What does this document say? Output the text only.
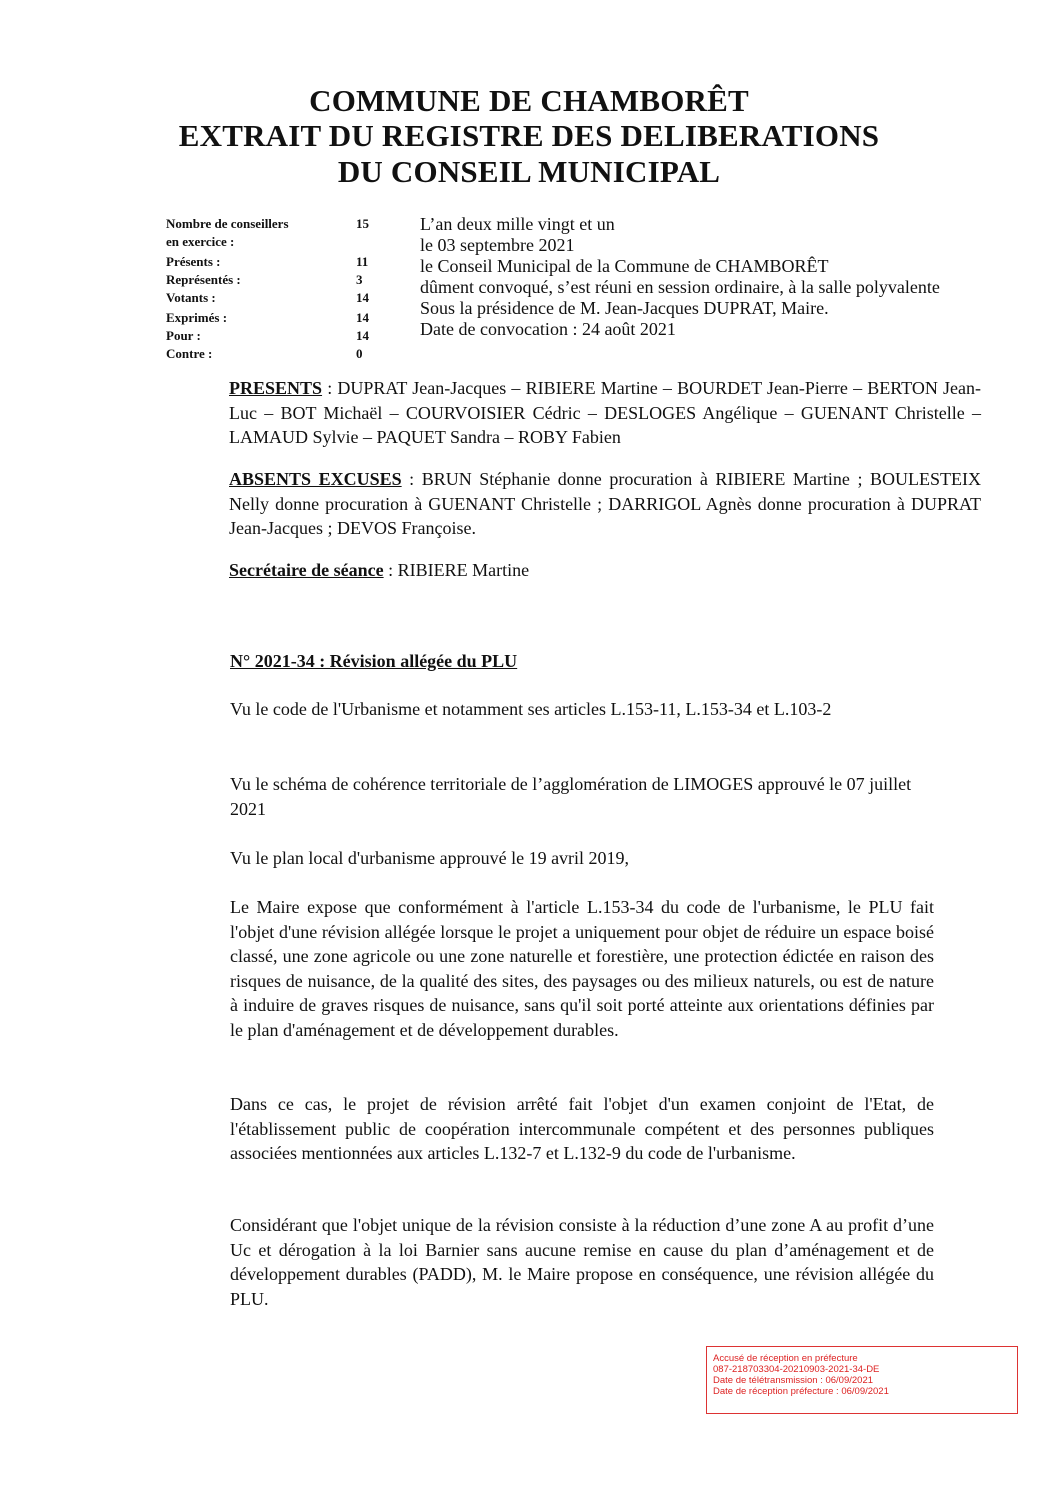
COMMUNE DE CHAMBORÊT
EXTRAIT DU REGISTRE DES DELIBERATIONS
DU CONSEIL MUNICIPAL
Nombre de conseillers	15
en exercice :
Présents :	11
Représentés :	3
Votants :	14
Exprimés :	14
Pour :	14
Contre :	0
L’an deux mille vingt et un
le 03 septembre 2021
le Conseil Municipal de la Commune de CHAMBORÊT
dûment convoqué, s’est réuni en session ordinaire, à la salle polyvalente
Sous la présidence de M. Jean-Jacques DUPRAT, Maire.
Date de convocation : 24 août 2021
PRESENTS : DUPRAT Jean-Jacques – RIBIERE Martine – BOURDET Jean-Pierre – BERTON Jean-Luc – BOT Michaël – COURVOISIER Cédric – DESLOGES Angélique – GUENANT Christelle – LAMAUD Sylvie – PAQUET Sandra – ROBY Fabien
ABSENTS EXCUSES : BRUN Stéphanie donne procuration à RIBIERE Martine ; BOULESTEIX Nelly donne procuration à GUENANT Christelle ; DARRIGOL Agnès donne procuration à DUPRAT Jean-Jacques ; DEVOS Françoise.
Secrétaire de séance : RIBIERE Martine
N° 2021-34 : Révision allégée du PLU
Vu le code de l'Urbanisme et notamment ses articles L.153-11, L.153-34 et L.103-2
Vu le schéma de cohérence territoriale de l’agglomération de LIMOGES approuvé le 07 juillet 2021
Vu le plan local d'urbanisme approuvé le 19 avril 2019,
Le Maire expose que conformément à l'article L.153-34 du code de l'urbanisme, le PLU fait l'objet d'une révision allégée lorsque le projet a uniquement pour objet de réduire un espace boisé classé, une zone agricole ou une zone naturelle et forestière, une protection édictée en raison des risques de nuisance, de la qualité des sites, des paysages ou des milieux naturels, ou est de nature à induire de graves risques de nuisance, sans qu'il soit porté atteinte aux orientations définies par le plan d'aménagement et de développement durables.
Dans ce cas, le projet de révision arrêté fait l'objet d'un examen conjoint de l'Etat, de l'établissement public de coopération intercommunale compétent et des personnes publiques associées mentionnées aux articles L.132-7 et L.132-9 du code de l'urbanisme.
Considérant que l'objet unique de la révision consiste à la réduction d’une zone A au profit d’une Uc et dérogation à la loi Barnier sans aucune remise en cause du plan d’aménagement et de développement durables (PADD), M. le Maire propose en conséquence, une révision allégée du PLU.
Accusé de réception en préfecture
087-218703304-20210903-2021-34-DE
Date de télétransmission : 06/09/2021
Date de réception préfecture : 06/09/2021
